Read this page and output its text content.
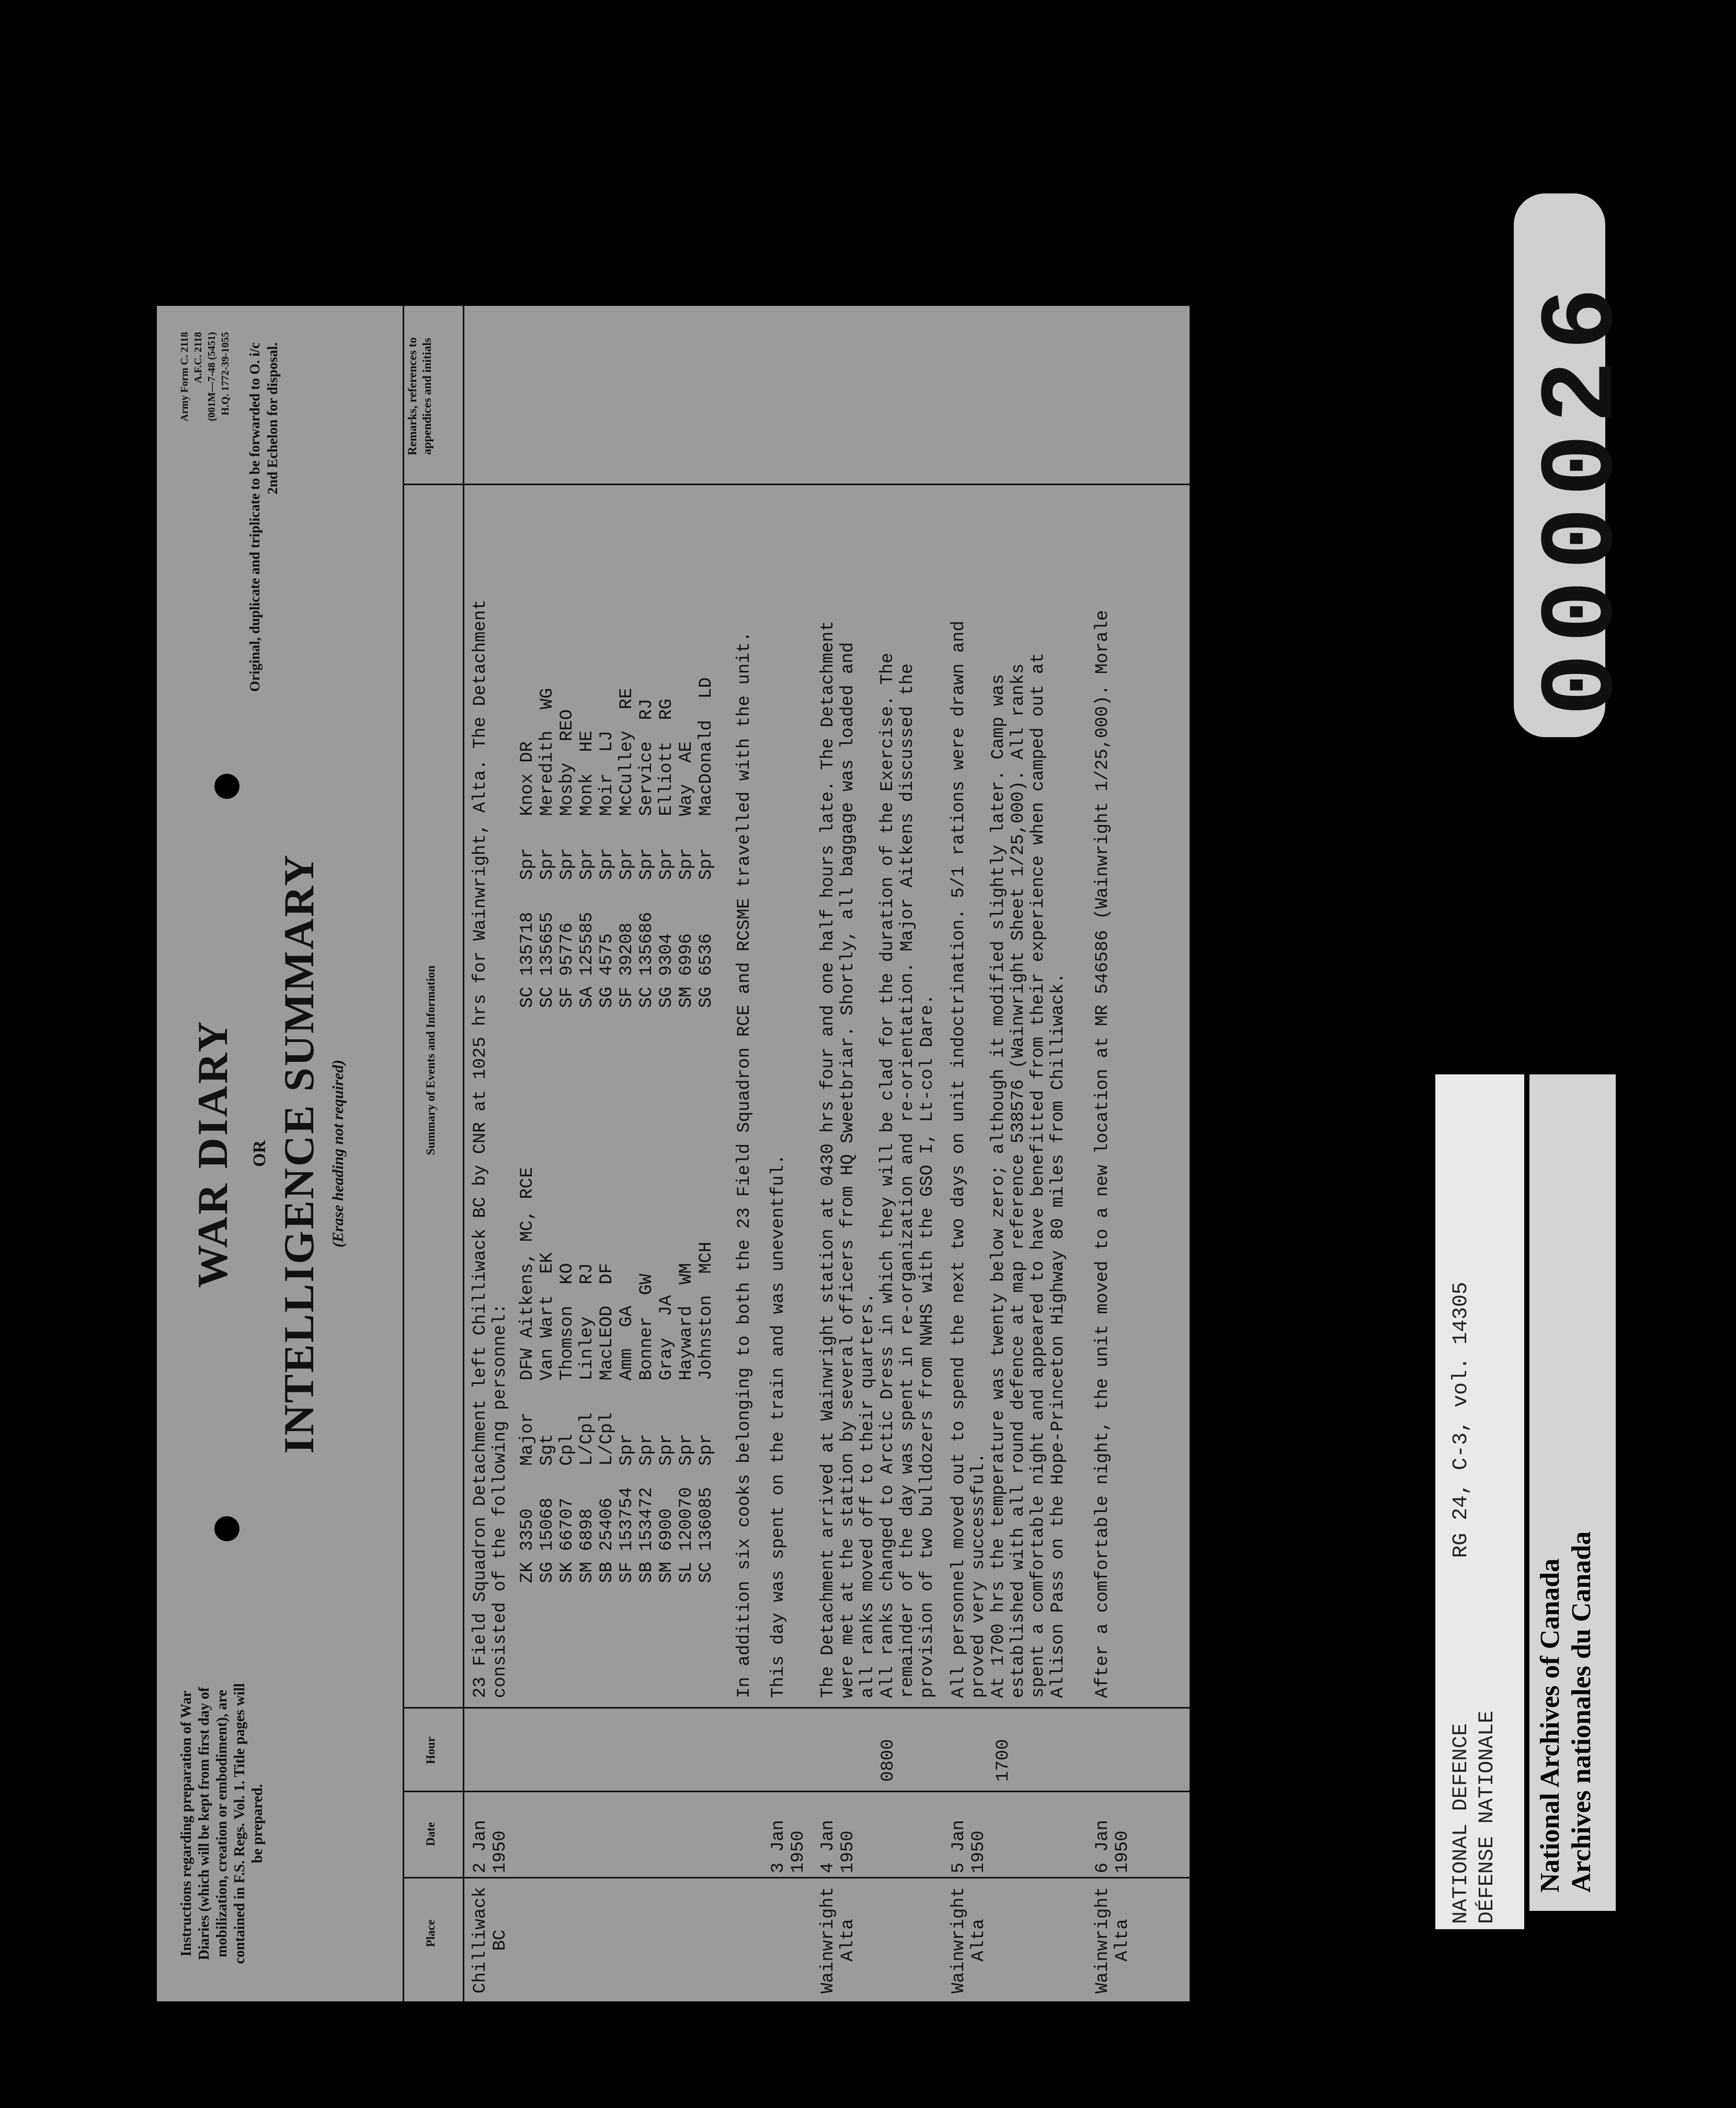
Instructions regarding preparation of War Diaries (which will be kept from first day of mobilization, creation or embodiment), are contained in F.S. Regs. Vol. 1. Title pages will be prepared.
WAR DIARY OR INTELLIGENCE SUMMARY (Erase heading not required)
Army Form C. 2118 A.F.C. 2118 (001M—7-48 (5451) H.Q. 1772-39-1055 Original, duplicate and triplicate to be forwarded to O. i/c 2nd Echelon for disposal.
Place
Date
Hour
Summary of Events and Information
Remarks, references to appendices and initials
Chilliwack
BC
2 Jan
1950
23 Field Squadron Detachment left Chilliwack BC by CNR at 1025 hrs for Wainwright, Alta. The Detachment
consisted of the following personnel:
ZK 3350    Major   DFW Aitkens, MC, RCE
SG 15068   Sgt     Van Wart  EK
SK 66707   Cpl     Thomson  KO
SM 6898    L/Cpl   Linley   RJ
SB 25406   L/Cpl   MacLEOD  DF
SF 153754  Spr     Amm  GA
SB 153472  Spr     Bonner  GW
SM 6900    Spr     Gray  JA
SL 120070  Spr     Hayward  WM
SC 136085  Spr     Johnston  MCH
SC 135718   Spr   Knox DR
SC 135655   Spr   Meredith  WG
SF 95776    Spr   Mosby  REO
SA 125585   Spr   Monk  HE
SG 4575     Spr   Moir  LJ
SF 39208    Spr   McCulley  RE
SC 135686   Spr   Service  RJ
SG 9304     Spr   Elliott  RG
SM 6996     Spr   Way  AE
SG 6536     Spr   MacDonald  LD In addition six cooks belonging to both the 23 Field Squadron RCE and RCSME travelled with the unit.
3 Jan
1950
This day was spent on the train and was uneventful.
Wainwright
Alta
4 Jan
1950
0800
The Detachment arrived at Wainwright station at 0430 hrs four and one half hours late. The Detachment
were met at the station by several officers from HQ Sweetbriar. Shortly, all baggage was loaded and
all ranks moved off to their quarters.
All ranks changed to Arctic Dress in which they will be clad for the duration of the Exercise. The
remainder of the day was spent in re-organization and re-orientation. Major Aitkens discussed the
provision of two bulldozers from NWHS with the GSO I, Lt-col Dare.
Wainwright
Alta
5 Jan
1950
1700
All personnel moved out to spend the next two days on unit indoctrination. 5/1 rations were drawn and
proved very successful.
At 1700 hrs the temperature was twenty below zero; although it modified slightly later. Camp was
established with all round defence at map reference 538576 (Wainwright Sheet 1/25,000). All ranks
spent a comfortable night and appeared to have benefitted from their experience when camped out at
Allison Pass on the Hope-Princeton Highway 80 miles from Chilliwack.
Wainwright
Alta
6 Jan
1950
After a comfortable night, the unit moved to a new location at MR 546586 (Wainwright 1/25,000). Morale
NATIONAL DEFENCE
DÉFENSE NATIONALE
RG 24, C-3, vol. 14305
National Archives of Canada Archives nationales du Canada
000026
